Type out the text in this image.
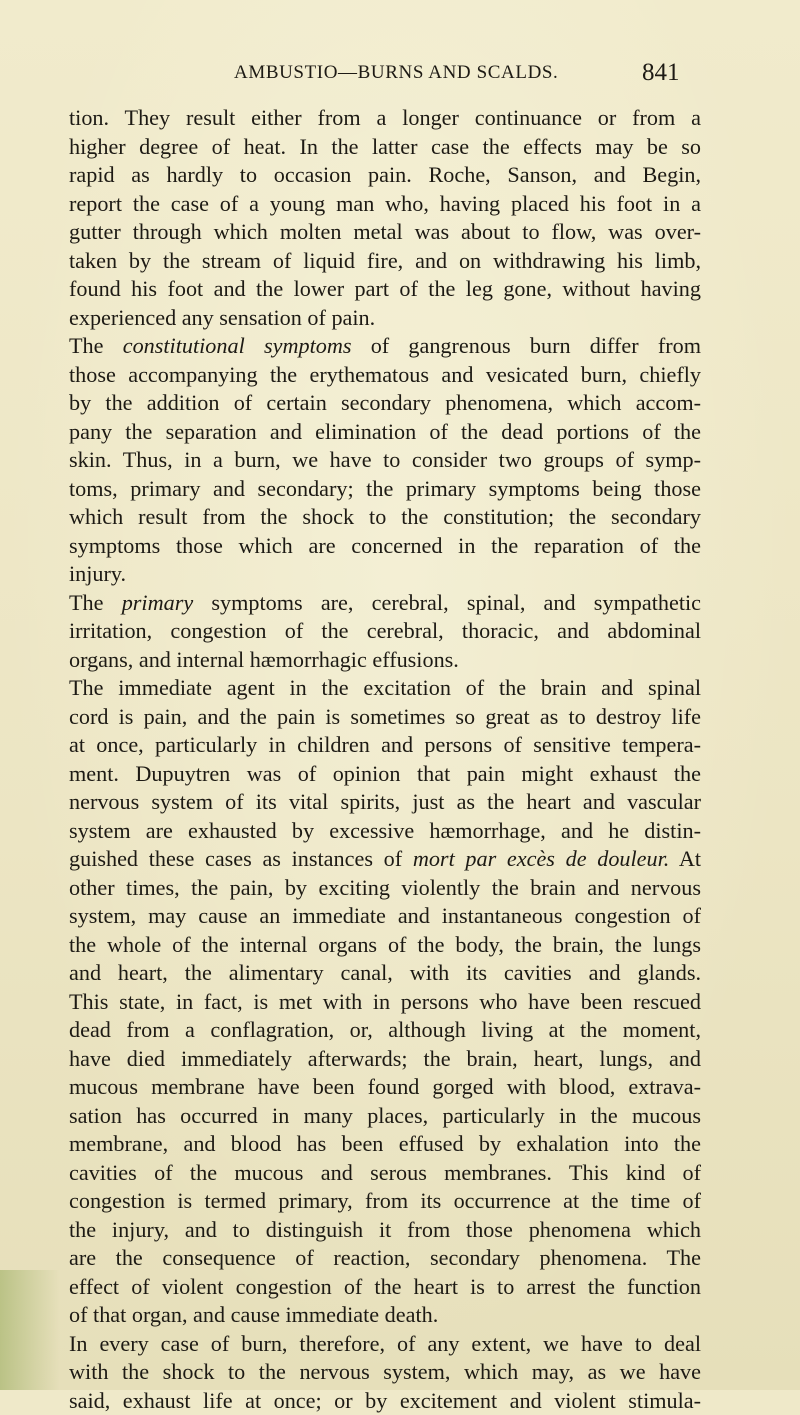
AMBUSTIO—BURNS AND SCALDS.	841
tion. They result either from a longer continuance or from a
higher degree of heat. In the latter case the effects may be so
rapid as hardly to occasion pain. Roche, Sanson, and Begin,
report the case of a young man who, having placed his foot in a
gutter through which molten metal was about to flow, was over-
taken by the stream of liquid fire, and on withdrawing his limb,
found his foot and the lower part of the leg gone, without having
experienced any sensation of pain.
The constitutional symptoms of gangrenous burn differ from
those accompanying the erythematous and vesicated burn, chiefly
by the addition of certain secondary phenomena, which accom-
pany the separation and elimination of the dead portions of the
skin. Thus, in a burn, we have to consider two groups of symp-
toms, primary and secondary; the primary symptoms being those
which result from the shock to the constitution; the secondary
symptoms those which are concerned in the reparation of the
injury.
The primary symptoms are, cerebral, spinal, and sympathetic
irritation, congestion of the cerebral, thoracic, and abdominal
organs, and internal hæmorrhagic effusions.
The immediate agent in the excitation of the brain and spinal
cord is pain, and the pain is sometimes so great as to destroy life
at once, particularly in children and persons of sensitive tempera-
ment. Dupuytren was of opinion that pain might exhaust the
nervous system of its vital spirits, just as the heart and vascular
system are exhausted by excessive hæmorrhage, and he distin-
guished these cases as instances of mort par excès de douleur. At
other times, the pain, by exciting violently the brain and nervous
system, may cause an immediate and instantaneous congestion of
the whole of the internal organs of the body, the brain, the lungs
and heart, the alimentary canal, with its cavities and glands.
This state, in fact, is met with in persons who have been rescued
dead from a conflagration, or, although living at the moment,
have died immediately afterwards; the brain, heart, lungs, and
mucous membrane have been found gorged with blood, extrava-
sation has occurred in many places, particularly in the mucous
membrane, and blood has been effused by exhalation into the
cavities of the mucous and serous membranes. This kind of
congestion is termed primary, from its occurrence at the time of
the injury, and to distinguish it from those phenomena which
are the consequence of reaction, secondary phenomena. The
effect of violent congestion of the heart is to arrest the function
of that organ, and cause immediate death.
In every case of burn, therefore, of any extent, we have to deal
with the shock to the nervous system, which may, as we have
said, exhaust life at once; or by excitement and violent stimula-
